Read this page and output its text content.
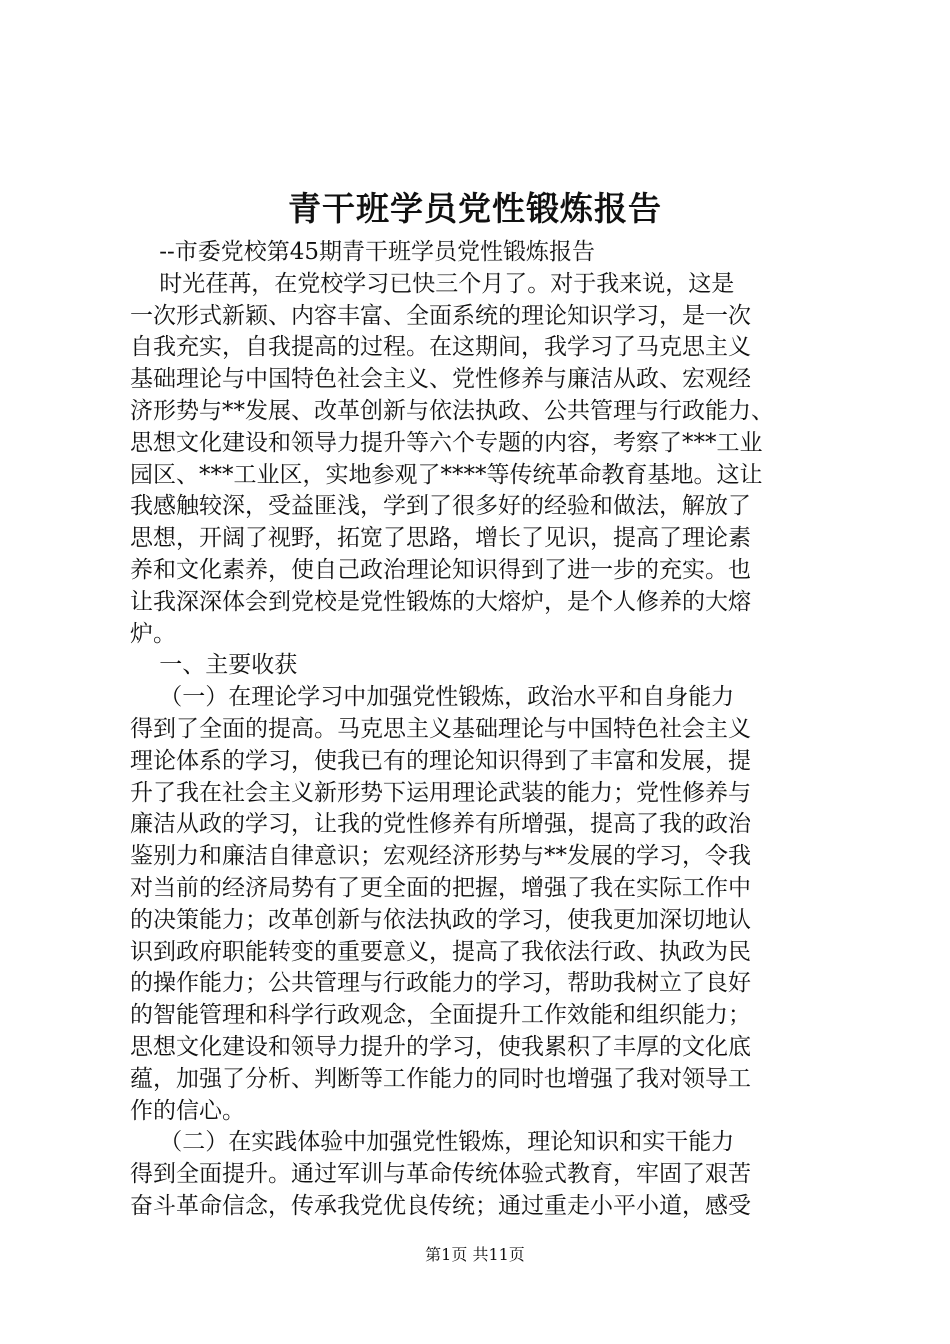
青干班学员党性锻炼报告
--市委党校第45期青干班学员党性锻炼报告
时光荏苒，在党校学习已快三个月了。对于我来说，这是
一次形式新颖、内容丰富、全面系统的理论知识学习，是一次
自我充实，自我提高的过程。在这期间，我学习了马克思主义
基础理论与中国特色社会主义、党性修养与廉洁从政、宏观经
济形势与**发展、改革创新与依法执政、公共管理与行政能力、
思想文化建设和领导力提升等六个专题的内容，考察了***工业
园区、***工业区，实地参观了****等传统革命教育基地。这让
我感触较深，受益匪浅，学到了很多好的经验和做法，解放了
思想，开阔了视野，拓宽了思路，增长了见识，提高了理论素
养和文化素养，使自己政治理论知识得到了进一步的充实。也
让我深深体会到党校是党性锻炼的大熔炉，是个人修养的大熔
炉。
一、主要收获
（一）在理论学习中加强党性锻炼，政治水平和自身能力
得到了全面的提高。马克思主义基础理论与中国特色社会主义
理论体系的学习，使我已有的理论知识得到了丰富和发展，提
升了我在社会主义新形势下运用理论武装的能力；党性修养与
廉洁从政的学习，让我的党性修养有所增强，提高了我的政治
鉴别力和廉洁自律意识；宏观经济形势与**发展的学习，令我
对当前的经济局势有了更全面的把握，增强了我在实际工作中
的决策能力；改革创新与依法执政的学习，使我更加深切地认
识到政府职能转变的重要意义，提高了我依法行政、执政为民
的操作能力；公共管理与行政能力的学习，帮助我树立了良好
的智能管理和科学行政观念，全面提升工作效能和组织能力；
思想文化建设和领导力提升的学习，使我累积了丰厚的文化底
蕴，加强了分析、判断等工作能力的同时也增强了我对领导工
作的信心。
（二）在实践体验中加强党性锻炼，理论知识和实干能力
得到全面提升。通过军训与革命传统体验式教育，牢固了艰苦
奋斗革命信念，传承我党优良传统；通过重走小平小道，感受
第1页 共11页
